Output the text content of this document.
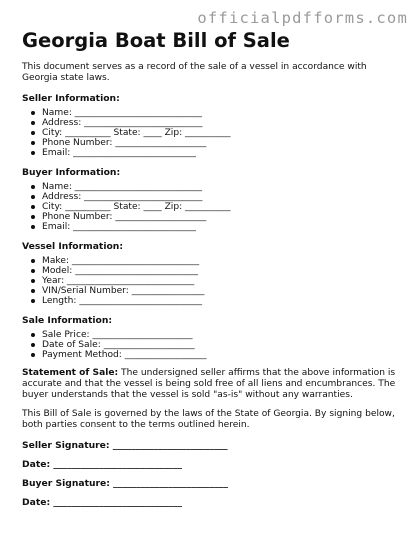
officialpdfforms.com
Georgia Boat Bill of Sale

This document serves as a record of the sale of a vessel in accordance with Georgia state laws.

Seller Information:
Name: ____________________________
Address: __________________________
City: __________ State: ____ Zip: __________
Phone Number: ____________________
Email: ___________________________
Buyer Information:
Name: ____________________________
Address: __________________________
City: __________ State: ____ Zip: __________
Phone Number: ____________________
Email: ___________________________
Vessel Information:
Make: ____________________________
Model: ___________________________
Year: ____________________________
VIN/Serial Number: ________________
Length: ___________________________
Sale Information:
Sale Price: ______________________
Date of Sale: ____________________
Payment Method: __________________

Statement of Sale: The undersigned seller affirms that the above information is accurate and that the vessel is being sold free of all liens and encumbrances. The buyer understands that the vessel is sold "as-is" without any warranties.

This Bill of Sale is governed by the laws of the State of Georgia. By signing below, both parties consent to the terms outlined herein.

Seller Signature: _________________________

Date: ____________________________

Buyer Signature: _________________________

Date: ____________________________
